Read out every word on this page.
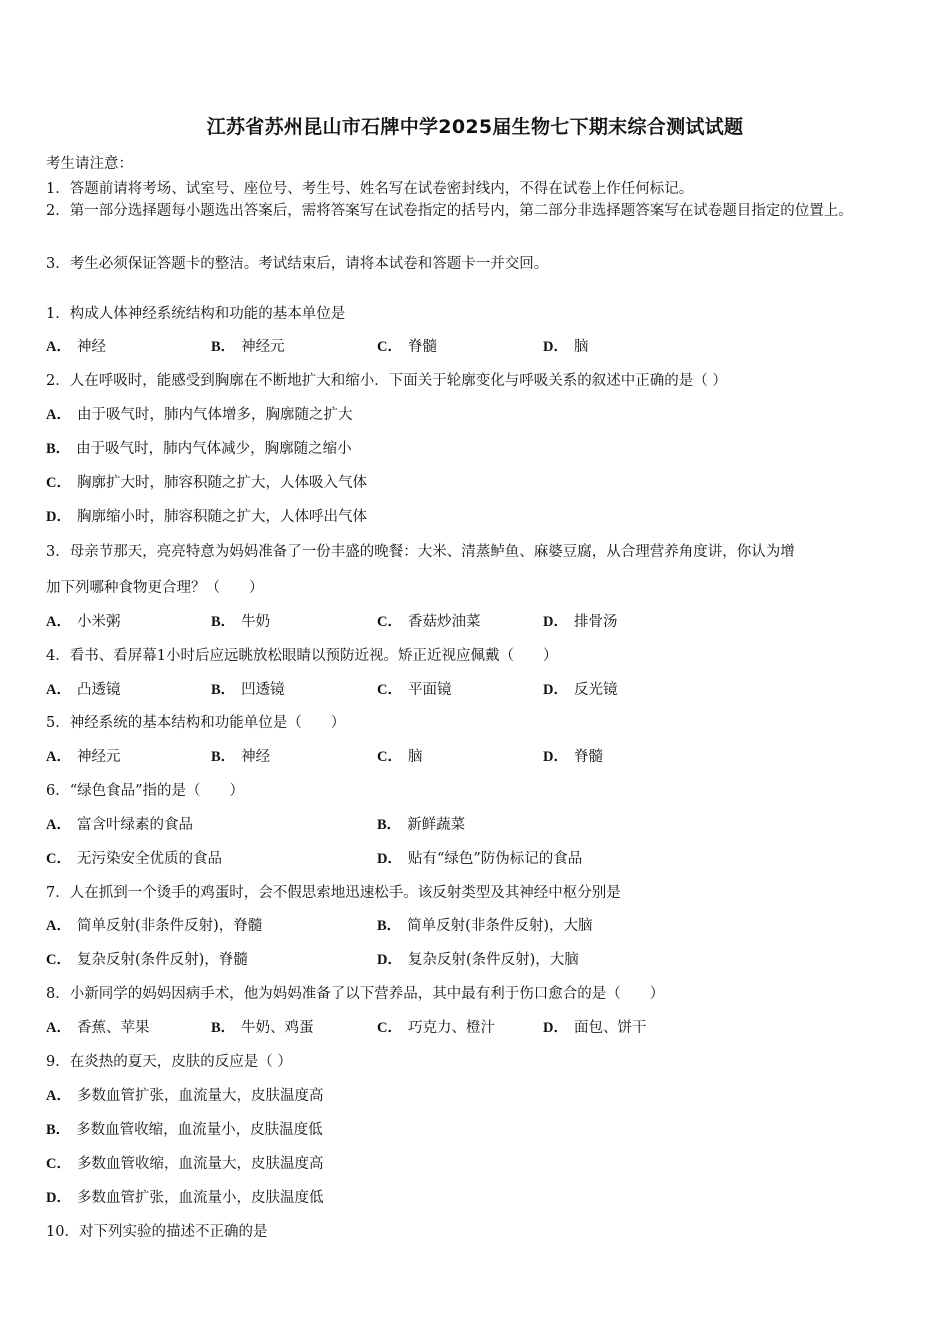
江苏省苏州昆山市石牌中学2025届生物七下期末综合测试试题
考生请注意：
1．答题前请将考场、试室号、座位号、考生号、姓名写在试卷密封线内，不得在试卷上作任何标记。
2．第一部分选择题每小题选出答案后，需将答案写在试卷指定的括号内，第二部分非选择题答案写在试卷题目指定的位置上。
3．考生必须保证答题卡的整洁。考试结束后，请将本试卷和答题卡一并交回。
1．构成人体神经系统结构和功能的基本单位是
A． 神经	B． 神经元	C． 脊髓	D． 脑
2．人在呼吸时，能感受到胸廓在不断地扩大和缩小．下面关于轮廓变化与呼吸关系的叙述中正确的是（ ）
A． 由于吸气时，肺内气体增多，胸廓随之扩大
B． 由于吸气时，肺内气体减少，胸廓随之缩小
C． 胸廓扩大时，肺容积随之扩大，人体吸入气体
D． 胸廓缩小时，肺容积随之扩大，人体呼出气体
3．母亲节那天，亮亮特意为妈妈准备了一份丰盛的晚餐：大米、清蒸鲈鱼、麻婆豆腐，从合理营养角度讲，你认为增
加下列哪种食物更合理？（　　）
A． 小米粥	B． 牛奶	C． 香菇炒油菜	D． 排骨汤
4．看书、看屏幕1小时后应远眺放松眼睛以预防近视。矫正近视应佩戴（　　）
A． 凸透镜	B． 凹透镜	C． 平面镜	D． 反光镜
5．神经系统的基本结构和功能单位是（　　）
A． 神经元	B． 神经	C． 脑	D． 脊髓
6．“绿色食品”指的是（　　）
A． 富含叶绿素的食品	B． 新鲜蔬菜
C． 无污染安全优质的食品	D． 贴有“绿色”防伪标记的食品
7．人在抓到一个烫手的鸡蛋时，会不假思索地迅速松手。该反射类型及其神经中枢分别是
A． 简单反射(非条件反射)，脊髓	B． 简单反射(非条件反射)，大脑
C． 复杂反射(条件反射)，脊髓	D． 复杂反射(条件反射)，大脑
8．小新同学的妈妈因病手术，他为妈妈准备了以下营养品，其中最有利于伤口愈合的是（　　）
A． 香蕉、苹果	B． 牛奶、鸡蛋	C． 巧克力、橙汁	D． 面包、饼干
9．在炎热的夏天，皮肤的反应是（ ）
A． 多数血管扩张，血流量大，皮肤温度高
B． 多数血管收缩，血流量小，皮肤温度低
C． 多数血管收缩，血流量大，皮肤温度高
D． 多数血管扩张，血流量小，皮肤温度低
10．对下列实验的描述不正确的是
